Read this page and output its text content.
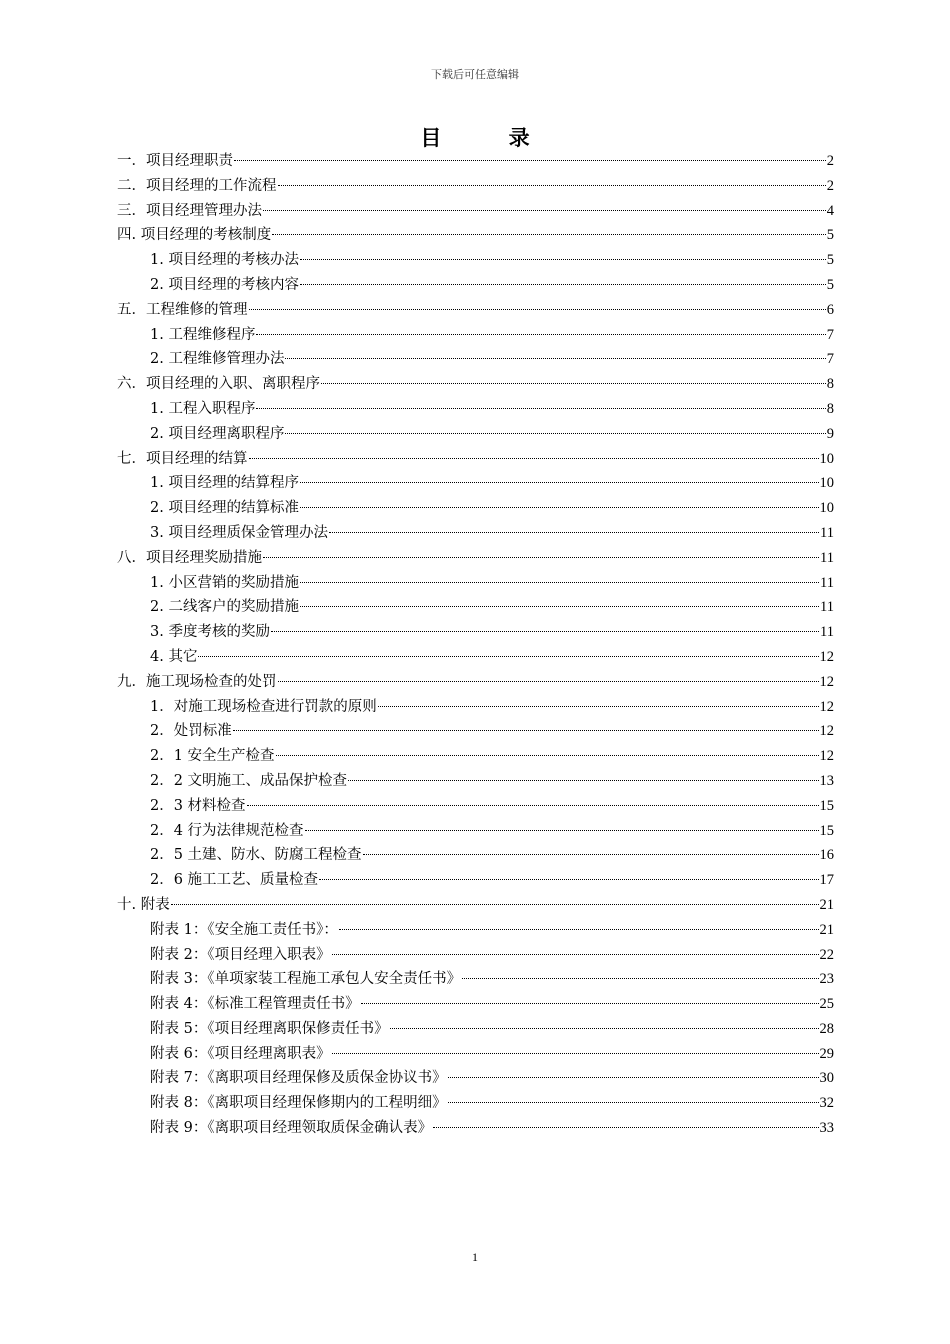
下载后可任意编辑
目 录
一．项目经理职责	2
二．项目经理的工作流程	2
三．项目经理管理办法	4
四. 项目经理的考核制度	5
1. 项目经理的考核办法	5
2. 项目经理的考核内容	5
五．工程维修的管理	6
1. 工程维修程序	7
2. 工程维修管理办法	7
六．项目经理的入职、离职程序	8
1. 工程入职程序	8
2. 项目经理离职程序	9
七．项目经理的结算	10
1. 项目经理的结算程序	10
2. 项目经理的结算标准	10
3. 项目经理质保金管理办法	11
八．项目经理奖励措施	11
1. 小区营销的奖励措施	11
2. 二线客户的奖励措施	11
3. 季度考核的奖励	11
4. 其它	12
九．施工现场检查的处罚	12
1．对施工现场检查进行罚款的原则	12
2．处罚标准	12
2．1 安全生产检查	12
2．2 文明施工、成品保护检查	13
2．3 材料检查	15
2．4 行为法律规范检查	15
2．5 土建、防水、防腐工程检查	16
2．6 施工工艺、质量检查	17
十. 附表	21
附表 1：《安全施工责任书》：	21
附表 2：《项目经理入职表》	22
附表 3：《单项家装工程施工承包人安全责任书》	23
附表 4：《标准工程管理责任书》	25
附表 5：《项目经理离职保修责任书》	28
附表 6：《项目经理离职表》	29
附表 7：《离职项目经理保修及质保金协议书》	30
附表 8：《离职项目经理保修期内的工程明细》	32
附表 9：《离职项目经理领取质保金确认表》	33
1
